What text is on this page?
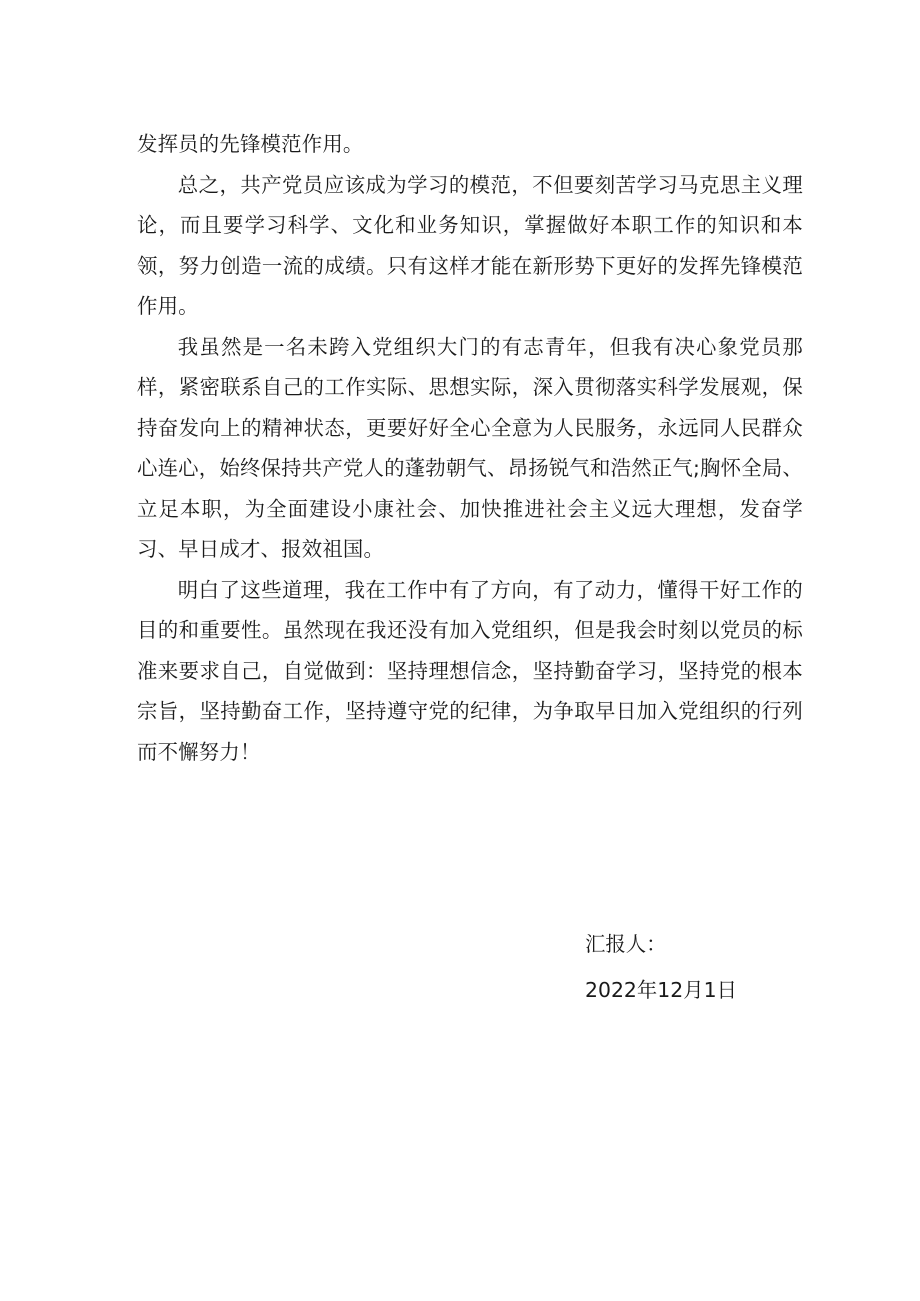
发挥员的先锋模范作用。

总之，共产党员应该成为学习的模范，不但要刻苦学习马克思主义理论，而且要学习科学、文化和业务知识，掌握做好本职工作的知识和本领，努力创造一流的成绩。只有这样才能在新形势下更好的发挥先锋模范作用。

我虽然是一名未跨入党组织大门的有志青年，但我有决心象党员那样，紧密联系自己的工作实际、思想实际，深入贯彻落实科学发展观，保持奋发向上的精神状态，更要好好全心全意为人民服务，永远同人民群众心连心，始终保持共产党人的蓬勃朝气、昂扬锐气和浩然正气;胸怀全局、立足本职，为全面建设小康社会、加快推进社会主义远大理想，发奋学习、早日成才、报效祖国。

明白了这些道理，我在工作中有了方向，有了动力，懂得干好工作的目的和重要性。虽然现在我还没有加入党组织，但是我会时刻以党员的标准来要求自己，自觉做到：坚持理想信念，坚持勤奋学习，坚持党的根本宗旨，坚持勤奋工作，坚持遵守党的纪律，为争取早日加入党组织的行列而不懈努力！

汇报人：
2022年12月1日
